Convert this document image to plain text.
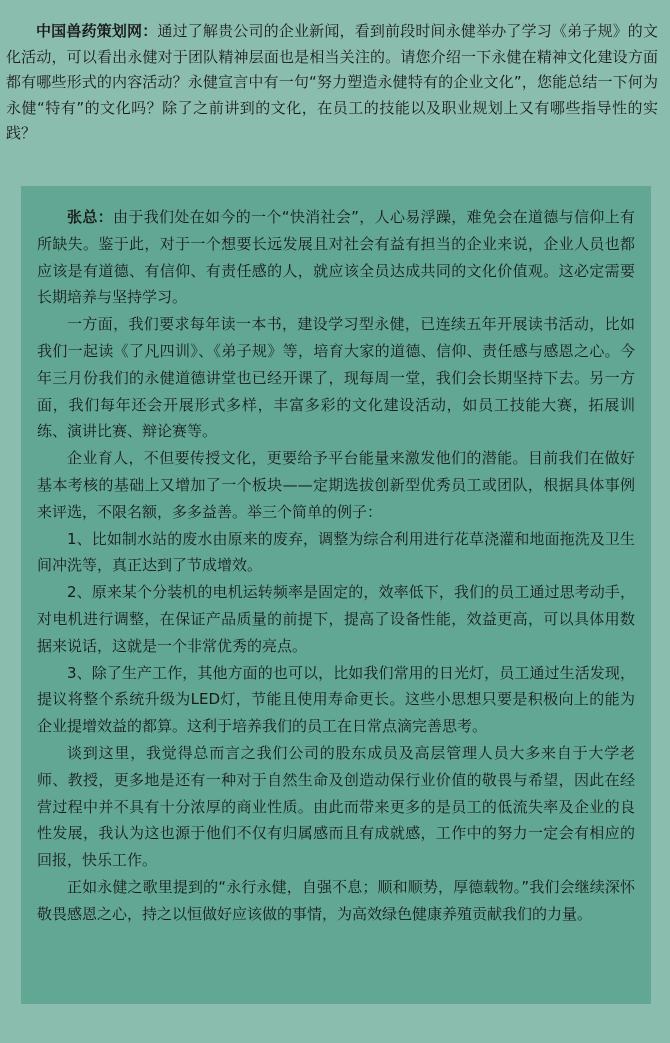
中国兽药策划网：通过了解贵公司的企业新闻，看到前段时间永健举办了学习《弟子规》的文化活动，可以看出永健对于团队精神层面也是相当关注的。请您介绍一下永健在精神文化建设方面都有哪些形式的内容活动？永健宣言中有一句“努力塑造永健特有的企业文化”，您能总结一下何为永健“特有”的文化吗？除了之前讲到的文化，在员工的技能以及职业规划上又有哪些指导性的实践？

张总：由于我们处在如今的一个“快消社会”，人心易浮躁，难免会在道德与信仰上有所缺失。鉴于此，对于一个想要长远发展且对社会有益有担当的企业来说，企业人员也都应该是有道德、有信仰、有责任感的人，就应该全员达成共同的文化价值观。这必定需要长期培养与坚持学习。

一方面，我们要求每年读一本书，建设学习型永健，已连续五年开展读书活动，比如我们一起读《了凡四训》、《弟子规》等，培育大家的道德、信仰、责任感与感恩之心。今年三月份我们的永健道德讲堂也已经开课了，现每周一堂，我们会长期坚持下去。另一方面，我们每年还会开展形式多样，丰富多彩的文化建设活动，如员工技能大赛，拓展训练、演讲比赛、辩论赛等。

企业育人，不但要传授文化，更要给予平台能量来激发他们的潜能。目前我们在做好基本考核的基础上又增加了一个板块——定期选拔创新型优秀员工或团队，根据具体事例来评选，不限名额，多多益善。举三个简单的例子：

1、比如制水站的废水由原来的废弃，调整为综合利用进行花草浇灌和地面拖洗及卫生间冲洗等，真正达到了节成增效。

2、原来某个分装机的电机运转频率是固定的，效率低下，我们的员工通过思考动手，对电机进行调整，在保证产品质量的前提下，提高了设备性能，效益更高，可以具体用数据来说话，这就是一个非常优秀的亮点。

3、除了生产工作，其他方面的也可以，比如我们常用的日光灯，员工通过生活发现，提议将整个系统升级为LED灯，节能且使用寿命更长。这些小思想只要是积极向上的能为企业提增效益的都算。这利于培养我们的员工在日常点滴完善思考。

谈到这里，我觉得总而言之我们公司的股东成员及高层管理人员大多来自于大学老师、教授，更多地是还有一种对于自然生命及创造动保行业价值的敬畏与希望，因此在经营过程中并不具有十分浓厚的商业性质。由此而带来更多的是员工的低流失率及企业的良性发展，我认为这也源于他们不仅有归属感而且有成就感，工作中的努力一定会有相应的回报，快乐工作。

正如永健之歌里提到的“永行永健，自强不息；顺和顺势，厚德载物。”我们会继续深怀敬畏感恩之心，持之以恒做好应该做的事情，为高效绿色健康养殖贡献我们的力量。
